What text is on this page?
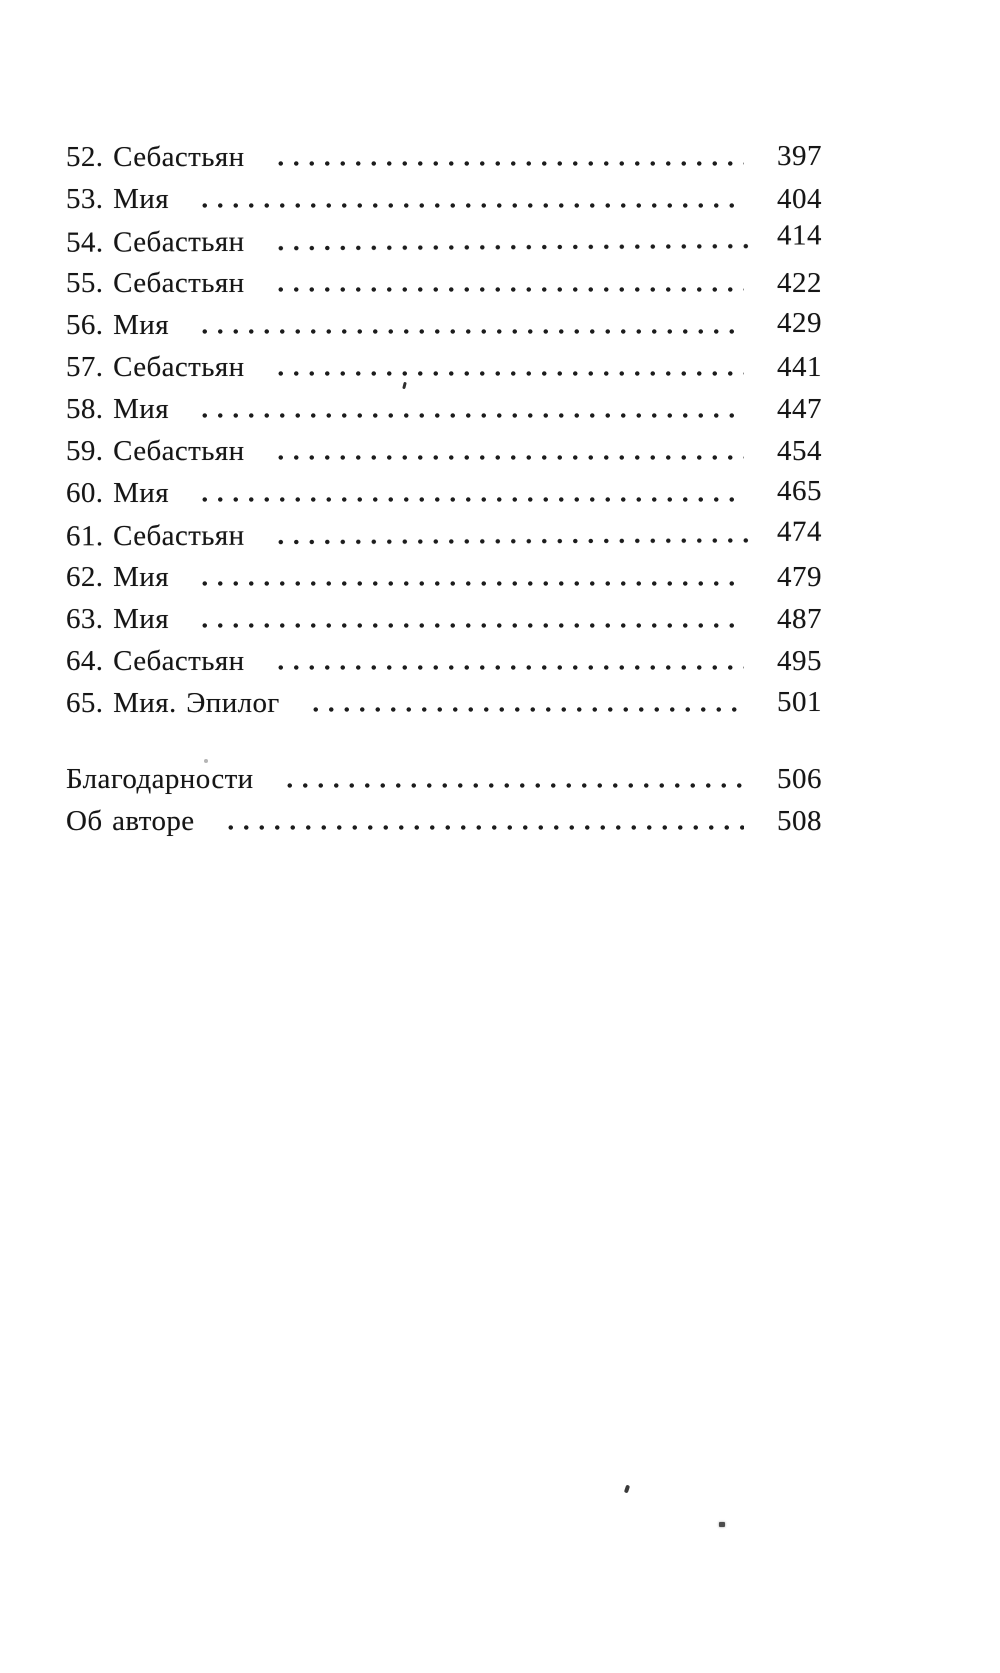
52. Себастьян	397
53. Мия	404
54. Себастьян	414
55. Себастьян	422
56. Мия	429
57. Себастьян	441
58. Мия	447
59. Себастьян	454
60. Мия	465
61. Себастьян	474
62. Мия	479
63. Мия	487
64. Себастьян	495
65. Мия. Эпилог	501
Благодарности	506
Об авторе	508
